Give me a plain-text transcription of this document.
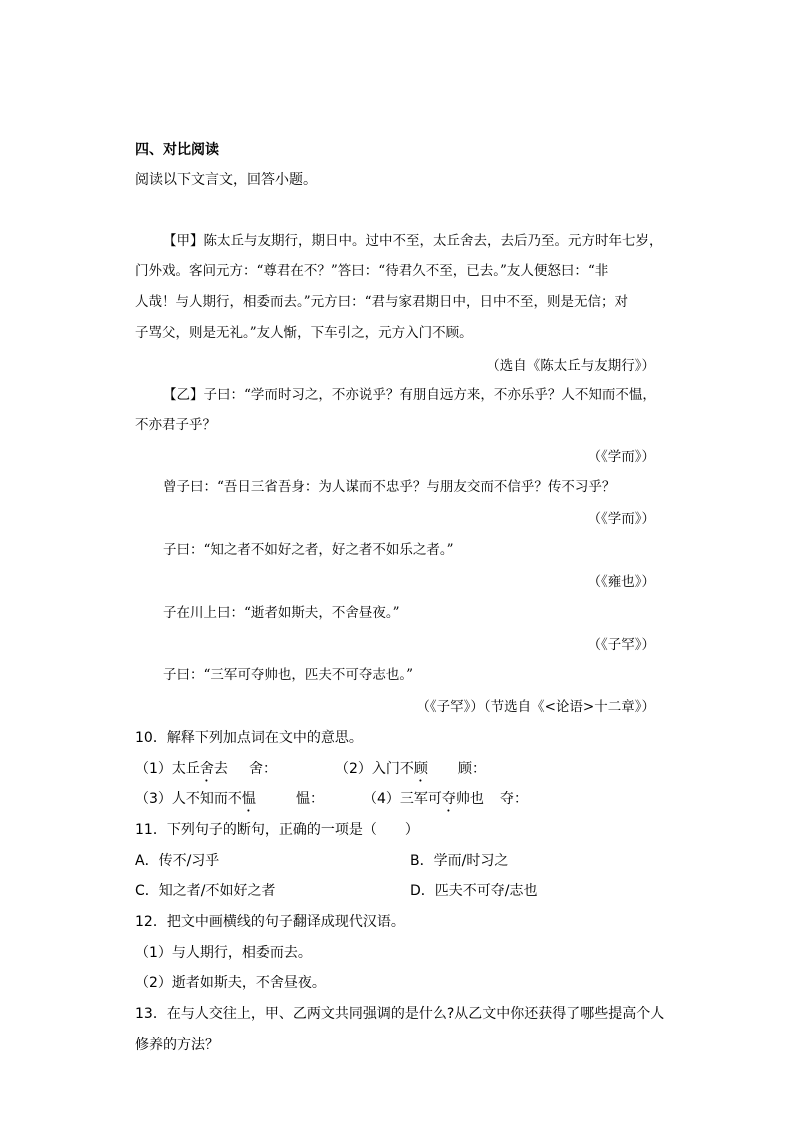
四、对比阅读
阅读以下文言文，回答小题。
【甲】陈太丘与友期行，期日中。过中不至，太丘舍去，去后乃至。元方时年七岁，
门外戏。客问元方：“尊君在不？”答曰：“待君久不至，已去。”友人便怒曰：“非
人哉！与人期行，相委而去。”元方曰：“君与家君期日中，日中不至，则是无信；对
子骂父，则是无礼。”友人惭，下车引之，元方入门不顾。
（选自《陈太丘与友期行》）
【乙】子曰：“学而时习之，不亦说乎？有朋自远方来，不亦乐乎？人不知而不愠，
不亦君子乎？
（《学而》）
曾子曰：“吾日三省吾身：为人谋而不忠乎？与朋友交而不信乎？传不习乎？
（《学而》）
子曰：“知之者不如好之者，好之者不如乐之者。”
（《雍也》）
子在川上曰：“逝者如斯夫，不舍昼夜。”
（《子罕》）
子曰：“三军可夺帅也，匹夫不可夺志也。”
（《子罕》）（节选自《<论语>十二章》）
10．解释下列加点词在文中的意思。
（1）太丘舍去 舍：	（2）入门不顾 顾：
（3）人不知而不愠	愠：	（4）三军可夺帅也 夺：
11．下列句子的断句，正确的一项是（　　）
A．传不/习乎	B．学而/时习之
C．知之者/不如好之者	D．匹夫不可夺/志也
12．把文中画横线的句子翻译成现代汉语。
（1）与人期行，相委而去。
（2）逝者如斯夫，不舍昼夜。
13．在与人交往上，甲、乙两文共同强调的是什么?从乙文中你还获得了哪些提高个人
修养的方法？
